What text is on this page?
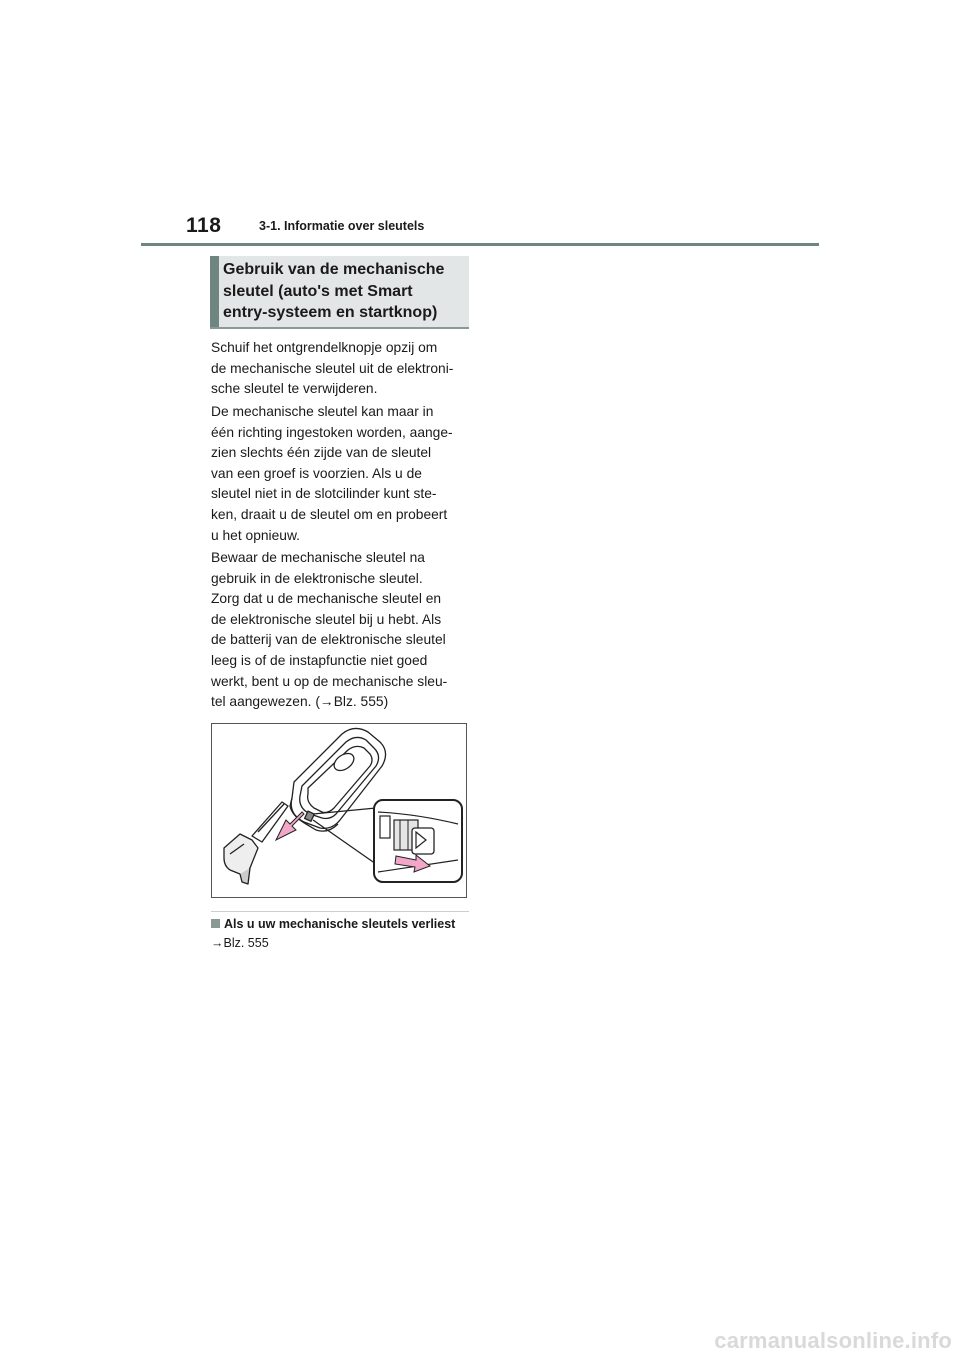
118	3-1. Informatie over sleutels
Gebruik van de mechanische
sleutel (auto's met Smart
entry-systeem en startknop)
Schuif het ontgrendelknopje opzij om
de mechanische sleutel uit de elektroni-
sche sleutel te verwijderen.
De mechanische sleutel kan maar in
één richting ingestoken worden, aange-
zien slechts één zijde van de sleutel
van een groef is voorzien. Als u de
sleutel niet in de slotcilinder kunt ste-
ken, draait u de sleutel om en probeert
u het opnieuw.
Bewaar de mechanische sleutel na
gebruik in de elektronische sleutel.
Zorg dat u de mechanische sleutel en
de elektronische sleutel bij u hebt. Als
de batterij van de elektronische sleutel
leeg is of de instapfunctie niet goed
werkt, bent u op de mechanische sleu-
tel aangewezen. (→Blz. 555)
Als u uw mechanische sleutels verliest
→Blz. 555
carmanualsonline.info
